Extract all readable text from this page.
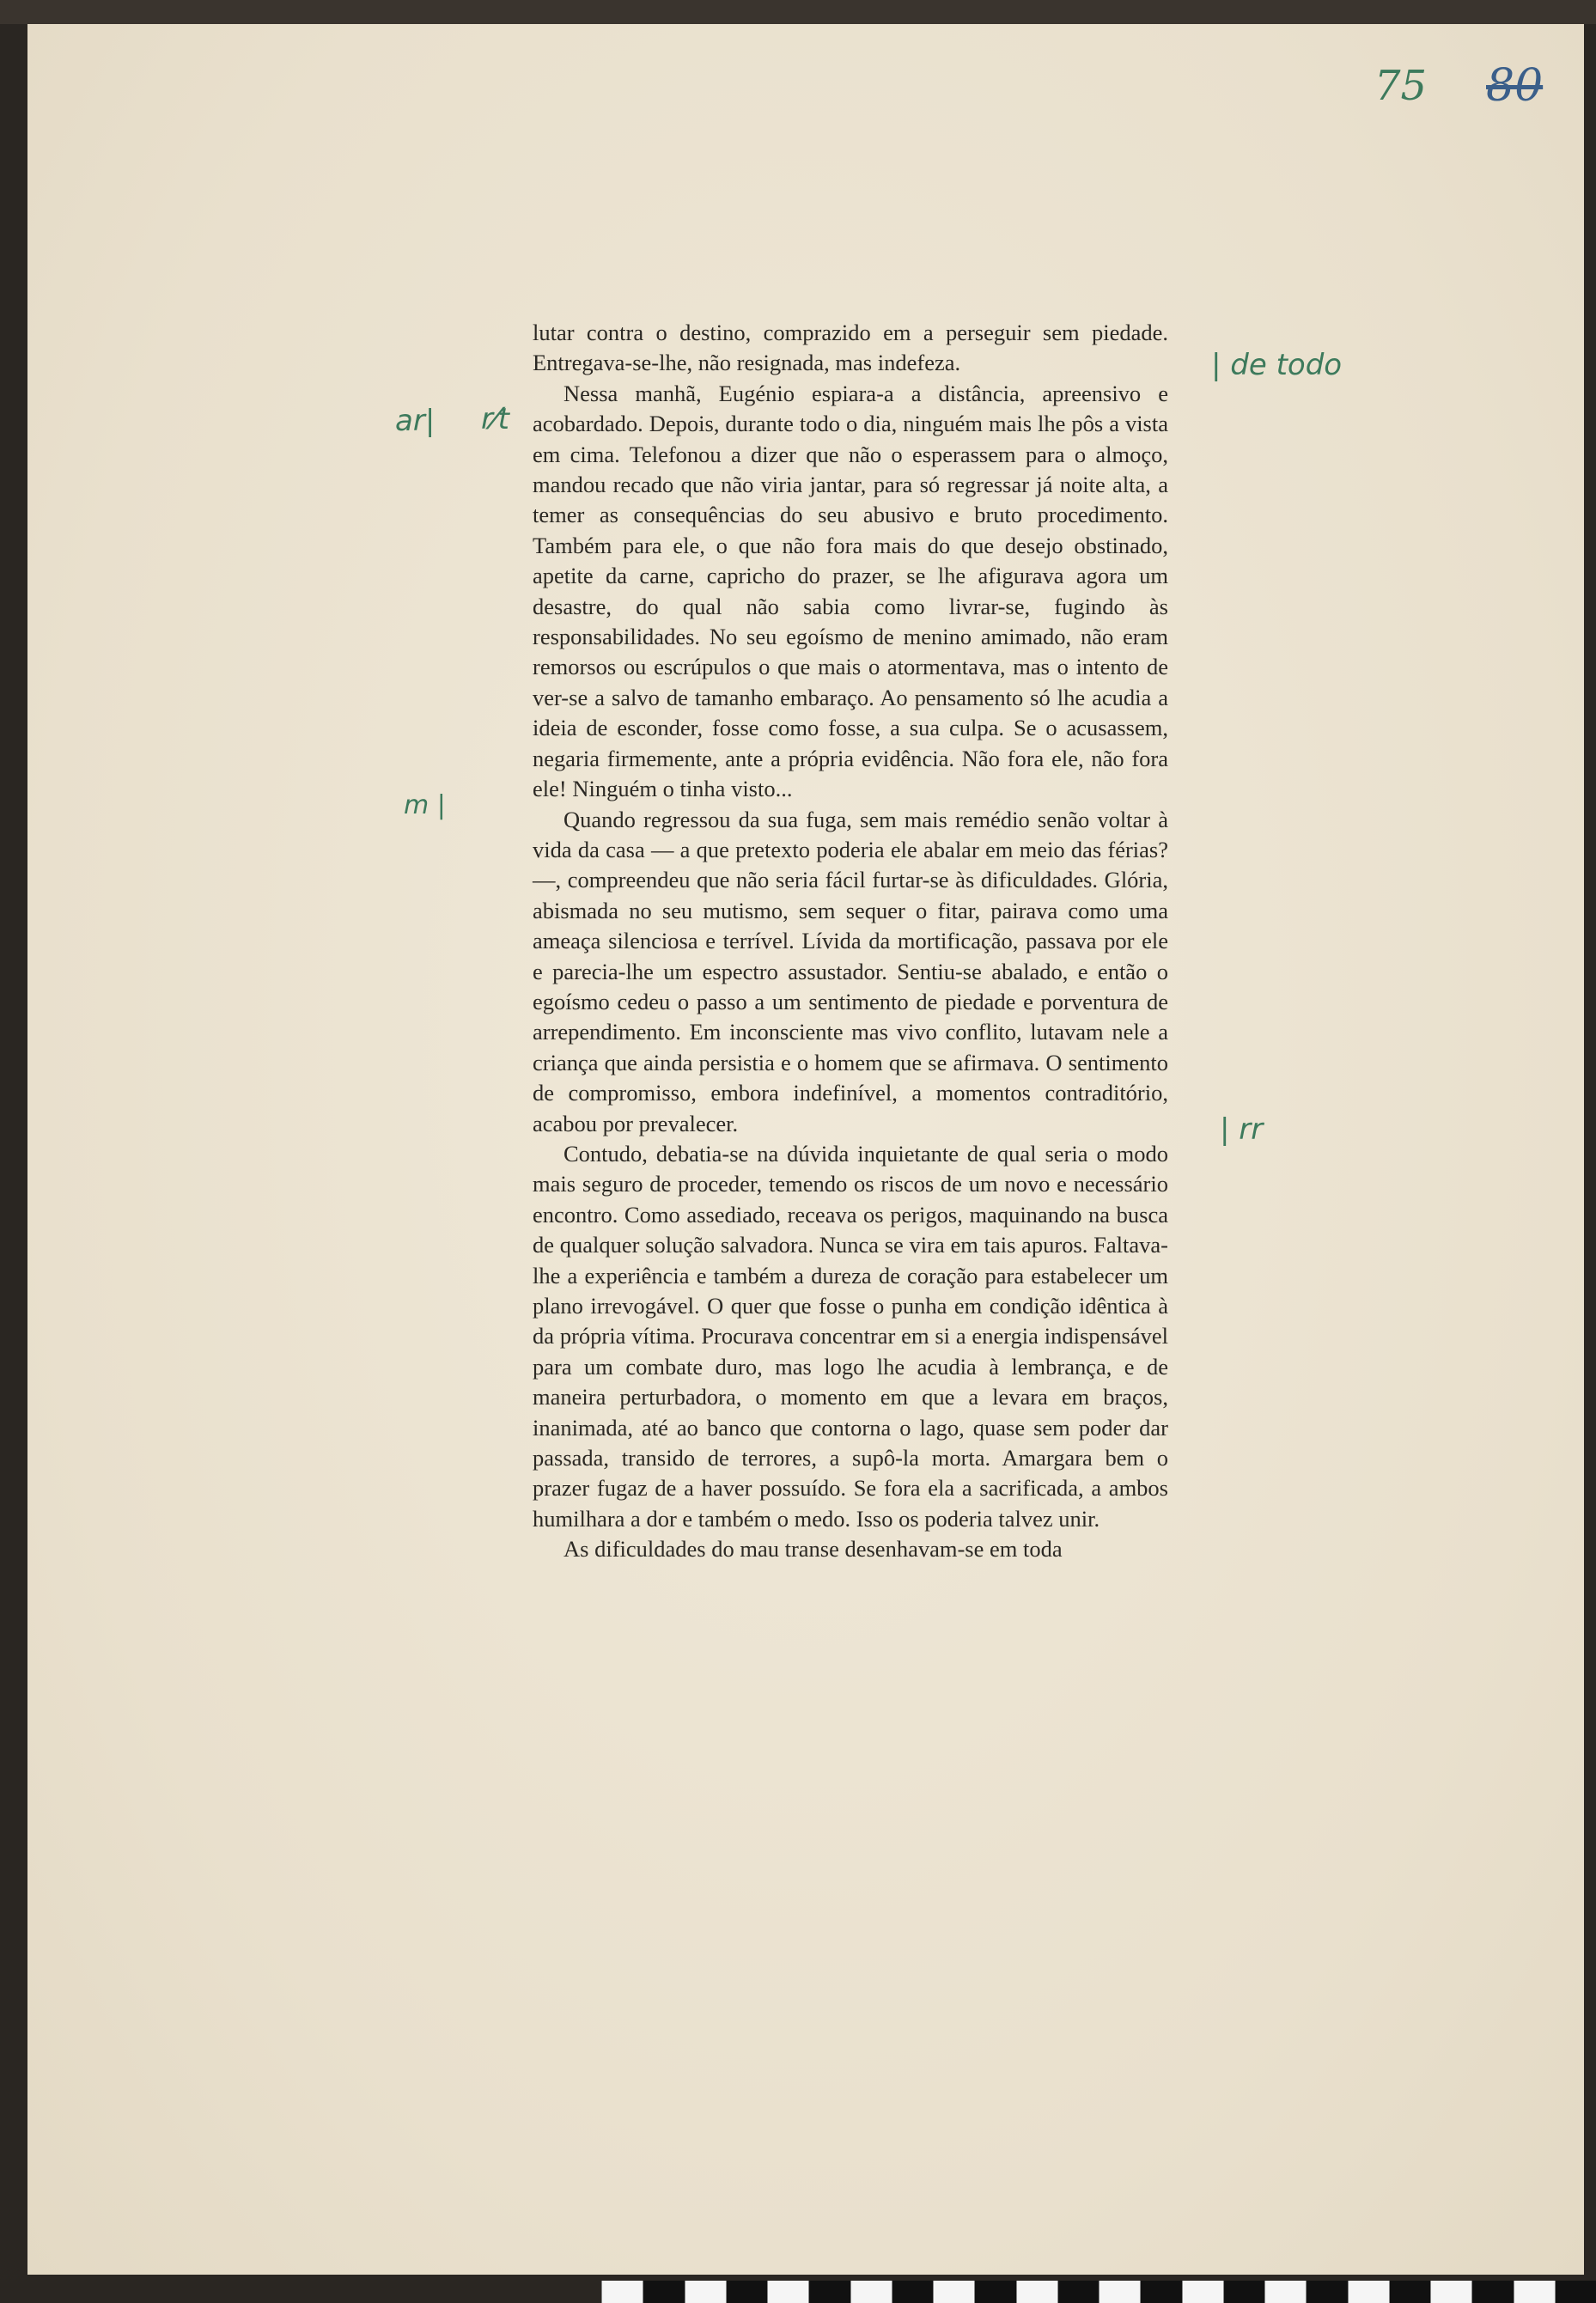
75 80
| de todo
ar| r⁄t
m |
| rr

lutar contra o destino, comprazido em a perseguir sem piedade. Entregava-se-lhe, não resignada, mas indefeza.

Nessa manhã, Eugénio espiara-a a distância, apreensivo e acobardado. Depois, durante todo o dia, ninguém mais lhe pôs a vista em cima. Telefonou a dizer que não o esperassem para o almoço, mandou recado que não viria jantar, para só regressar já noite alta, a temer as consequências do seu abusivo e bruto procedimento. Também para ele, o que não fora mais do que desejo obstinado, apetite da carne, capricho do prazer, se lhe afigurava agora um desastre, do qual não sabia como livrar-se, fugindo às responsabilidades. No seu egoísmo de menino amimado, não eram remorsos ou escrúpulos o que mais o atormentava, mas o intento de ver-se a salvo de tamanho embaraço. Ao pensamento só lhe acudia a ideia de esconder, fosse como fosse, a sua culpa. Se o acusassem, negaria firmemente, ante a própria evidência. Não fora ele, não fora ele! Ninguém o tinha visto...

Quando regressou da sua fuga, sem mais remédio senão voltar à vida da casa — a que pretexto poderia ele abalar em meio das férias? —, compreendeu que não seria fácil furtar-se às dificuldades. Glória, abismada no seu mutismo, sem sequer o fitar, pairava como uma ameaça silenciosa e terrível. Lívida da mortificação, passava por ele e parecia-lhe um espectro assustador. Sentiu-se abalado, e então o egoísmo cedeu o passo a um sentimento de piedade e porventura de arrependimento. Em inconsciente mas vivo conflito, lutavam nele a criança que ainda persistia e o homem que se afirmava. O sentimento de compromisso, embora indefinível, a momentos contraditório, acabou por prevalecer.

Contudo, debatia-se na dúvida inquietante de qual seria o modo mais seguro de proceder, temendo os riscos de um novo e necessário encontro. Como assediado, receava os perigos, maquinando na busca de qualquer solução salvadora. Nunca se vira em tais apuros. Faltava-lhe a experiência e também a dureza de coração para estabelecer um plano irrevogável. O quer que fosse o punha em condição idêntica à da própria vítima. Procurava concentrar em si a energia indispensável para um combate duro, mas logo lhe acudia à lembrança, e de maneira perturbadora, o momento em que a levara em braços, inanimada, até ao banco que contorna o lago, quase sem poder dar passada, transido de terrores, a supô-la morta. Amargara bem o prazer fugaz de a haver possuído. Se fora ela a sacrificada, a ambos humilhara a dor e também o medo. Isso os poderia talvez unir.

As dificuldades do mau transe desenhavam-se em toda
